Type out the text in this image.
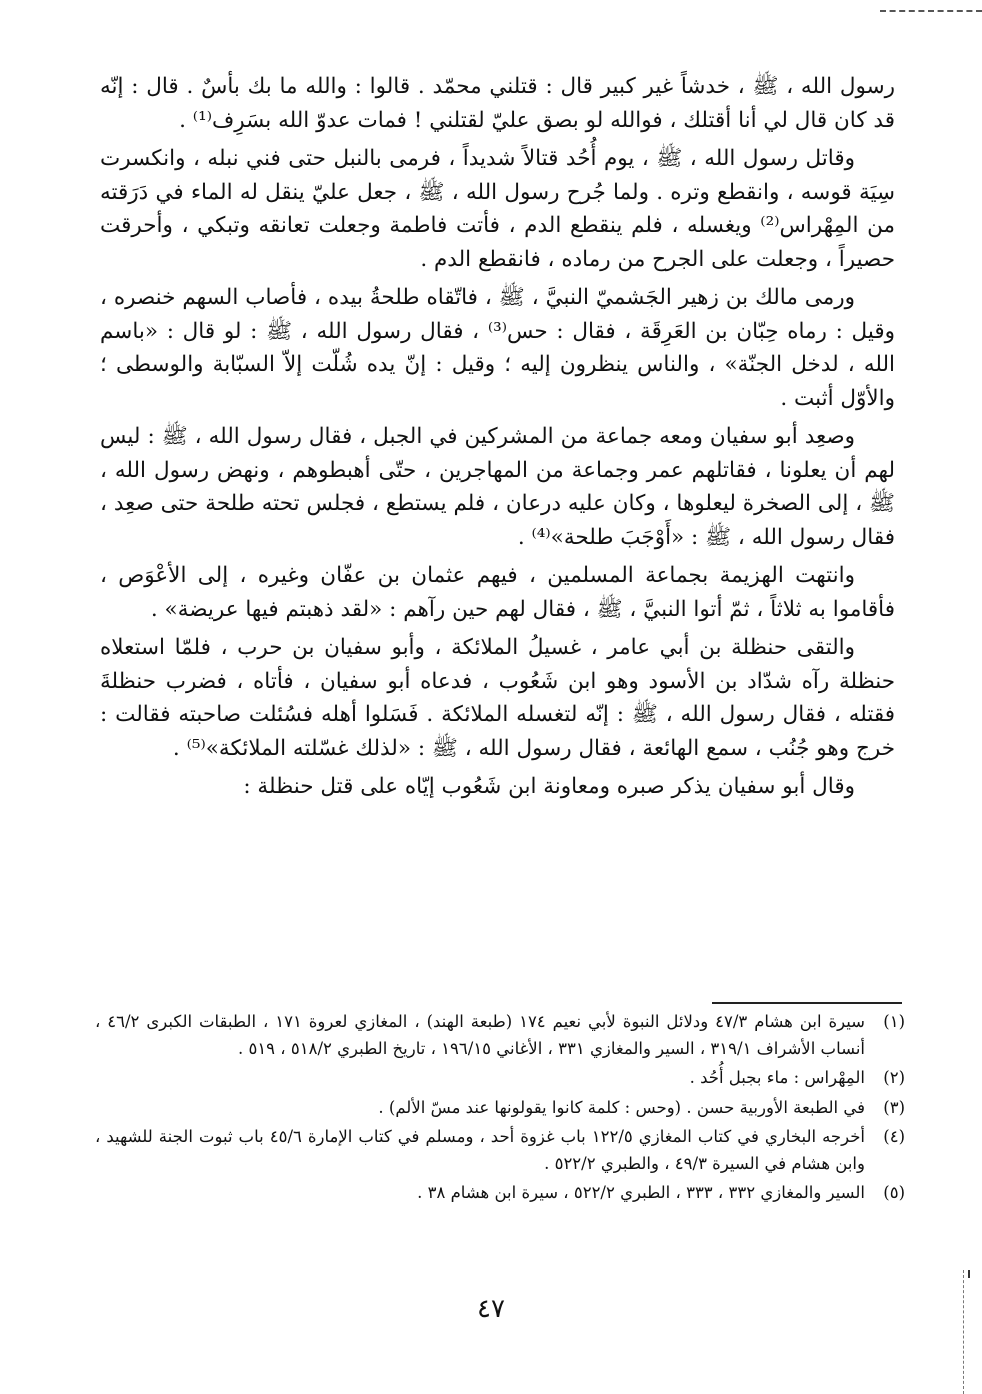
رسول الله ، ﷺ ، خدشاً غير كبير قال : قتلني محمّد . قالوا : والله ما بك بأسٌ . قال : إنّه قد كان قال لي أنا أقتلك ، فوالله لو بصق عليّ لقتلني ! فمات عدوّ الله بسَرِف⁽¹⁾ .

وقاتل رسول الله ، ﷺ ، يوم أُحُد قتالاً شديداً ، فرمى بالنبل حتى فني نبله ، وانكسرت سِيَة قوسه ، وانقطع وتره . ولما جُرح رسول الله ، ﷺ ، جعل عليّ ينقل له الماء في دَرَقته من المِهْراس⁽²⁾ ويغسله ، فلم ينقطع الدم ، فأتت فاطمة وجعلت تعانقه وتبكي ، وأحرقت حصيراً ، وجعلت على الجرح من رماده ، فانقطع الدم .

ورمى مالك بن زهير الجَشميّ النبيَّ ، ﷺ ، فاتّقاه طلحةُ بيده ، فأصاب السهم خنصره ، وقيل : رماه حِبّان بن العَرِقَة ، فقال : حس⁽³⁾ ، فقال رسول الله ، ﷺ : لو قال : «باسم الله ، لدخل الجنّة» ، والناس ينظرون إليه ؛ وقيل : إنّ يده شُلّت إلاّ السبّابة والوسطى ؛ والأوّل أثبت .

وصعِد أبو سفيان ومعه جماعة من المشركين في الجبل ، فقال رسول الله ، ﷺ : ليس لهم أن يعلونا ، فقاتلهم عمر وجماعة من المهاجرين ، حتّى أهبطوهم ، ونهض رسول الله ، ﷺ ، إلى الصخرة ليعلوها ، وكان عليه درعان ، فلم يستطع ، فجلس تحته طلحة حتى صعِد ، فقال رسول الله ، ﷺ : «أَوْجَبَ طلحة»⁽⁴⁾ .

وانتهت الهزيمة بجماعة المسلمين ، فيهم عثمان بن عفّان وغيره ، إلى الأعْوَص ، فأقاموا به ثلاثاً ، ثمّ أتوا النبيَّ ، ﷺ ، فقال لهم حين رآهم : «لقد ذهبتم فيها عريضة» .

والتقى حنظلة بن أبي عامر ، غسيلُ الملائكة ، وأبو سفيان بن حرب ، فلمّا استعلاه حنظلة رآه شدّاد بن الأسود وهو ابن شَعُوب ، فدعاه أبو سفيان ، فأتاه ، فضرب حنظلةَ فقتله ، فقال رسول الله ، ﷺ : إنّه لتغسله الملائكة . فَسَلوا أهله فسُئلت صاحبته فقالت : خرج وهو جُنُب ، سمع الهائعة ، فقال رسول الله ، ﷺ : «لذلك غسّلته الملائكة»⁽⁵⁾ .

وقال أبو سفيان يذكر صبره ومعاونة ابن شَعُوب إيّاه على قتل حنظلة :

(١)
سيرة ابن هشام ٤٧/٣ ودلائل النبوة لأبي نعيم ١٧٤ (طبعة الهند) ، المغازي لعروة ١٧١ ، الطبقات الكبرى ٤٦/٢ ، أنساب الأشراف ٣١٩/١ ، السير والمغازي ٣٣١ ، الأغاني ١٩٦/١٥ ، تاريخ الطبري ٥١٨/٢ ، ٥١٩ .
(٢)
المِهْراس : ماء بجبل أُحُد .
(٣)
في الطبعة الأوربية حسن . (وحس : كلمة كانوا يقولونها عند مسّ الألم) .
(٤)
أخرجه البخاري في كتاب المغازي ١٢٢/٥ باب غزوة أحد ، ومسلم في كتاب الإمارة ٤٥/٦ باب ثبوت الجنة للشهيد ، وابن هشام في السيرة ٤٩/٣ ، والطبري ٥٢٢/٢ .
(٥)
السير والمغازي ٣٣٢ ، ٣٣٣ ، الطبري ٥٢٢/٢ ، سيرة ابن هشام ٣٨ .
٤٧
